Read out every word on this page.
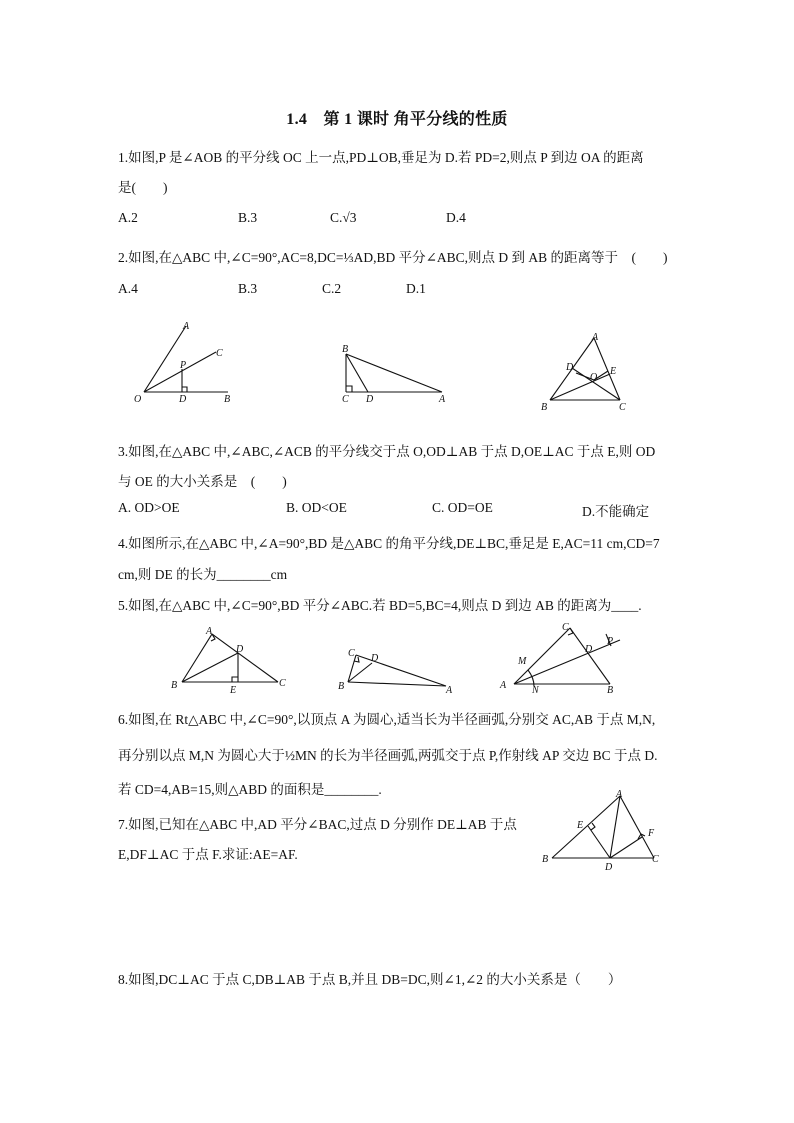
1.4　第 1 课时 角平分线的性质
1.如图,P 是∠AOB 的平分线 OC 上一点,PD⊥OB,垂足为 D.若 PD=2,则点 P 到边 OA 的距离
是(　　)
A.2	B.3	C.√3	D.4
2.如图,在△ABC 中,∠C=90°,AC=8,DC=⅓AD,BD 平分∠ABC,则点 D 到 AB 的距离等于　(　　)
A.4	B.3	C.2	D.1
A
P
C
O	D	B
B
C D	A
A
D
O
E
B	C
3.如图,在△ABC 中,∠ABC,∠ACB 的平分线交于点 O,OD⊥AB 于点 D,OE⊥AC 于点 E,则 OD
与 OE 的大小关系是　(　　)
A. OD>OE	B. OD<OE	C. OD=OE	D.不能确定
4.如图所示,在△ABC 中,∠A=90°,BD 是△ABC 的角平分线,DE⊥BC,垂足是 E,AC=11 cm,CD=7
cm,则 DE 的长为________cm
5.如图,在△ABC 中,∠C=90°,BD 平分∠ABC.若 BD=5,BC=4,则点 D 到边 AB 的距离为____.
A
D
B	E
C
C D
B	A
C
D
P
M
A	N	B
6.如图,在 Rt△ABC 中,∠C=90°,以顶点 A 为圆心,适当长为半径画弧,分别交 AC,AB 于点 M,N,
再分别以点 M,N 为圆心大于½MN 的长为半径画弧,两弧交于点 P,作射线 AP 交边 BC 于点 D.
若 CD=4,AB=15,则△ABD 的面积是________.
7.如图,已知在△ABC 中,AD 平分∠BAC,过点 D 分别作 DE⊥AB 于点
E,DF⊥AC 于点 F.求证:AE=AF.
A
E
F
B
D
C
8.如图,DC⊥AC 于点 C,DB⊥AB 于点 B,并且 DB=DC,则∠1,∠2 的大小关系是（　　）
